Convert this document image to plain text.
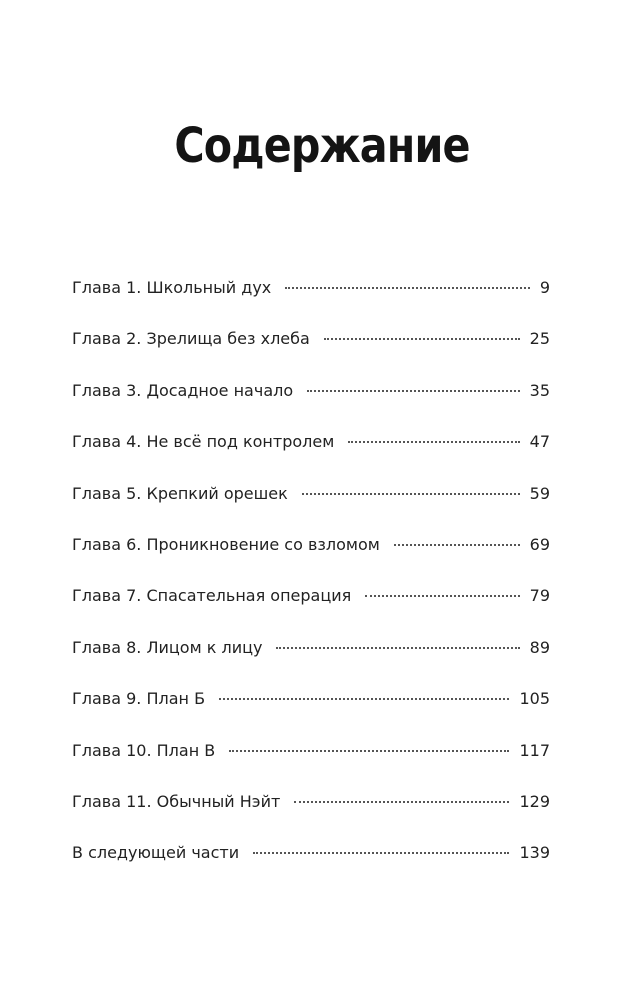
Содержание
Глава 1. Школьный дух	9
Глава 2. Зрелища без хлеба	25
Глава 3. Досадное начало	35
Глава 4. Не всё под контролем	47
Глава 5. Крепкий орешек	59
Глава 6. Проникновение со взломом	69
Глава 7. Спасательная операция	79
Глава 8. Лицом к лицу	89
Глава 9. План Б	105
Глава 10. План В	117
Глава 11. Обычный Нэйт	129
В следующей части	139
